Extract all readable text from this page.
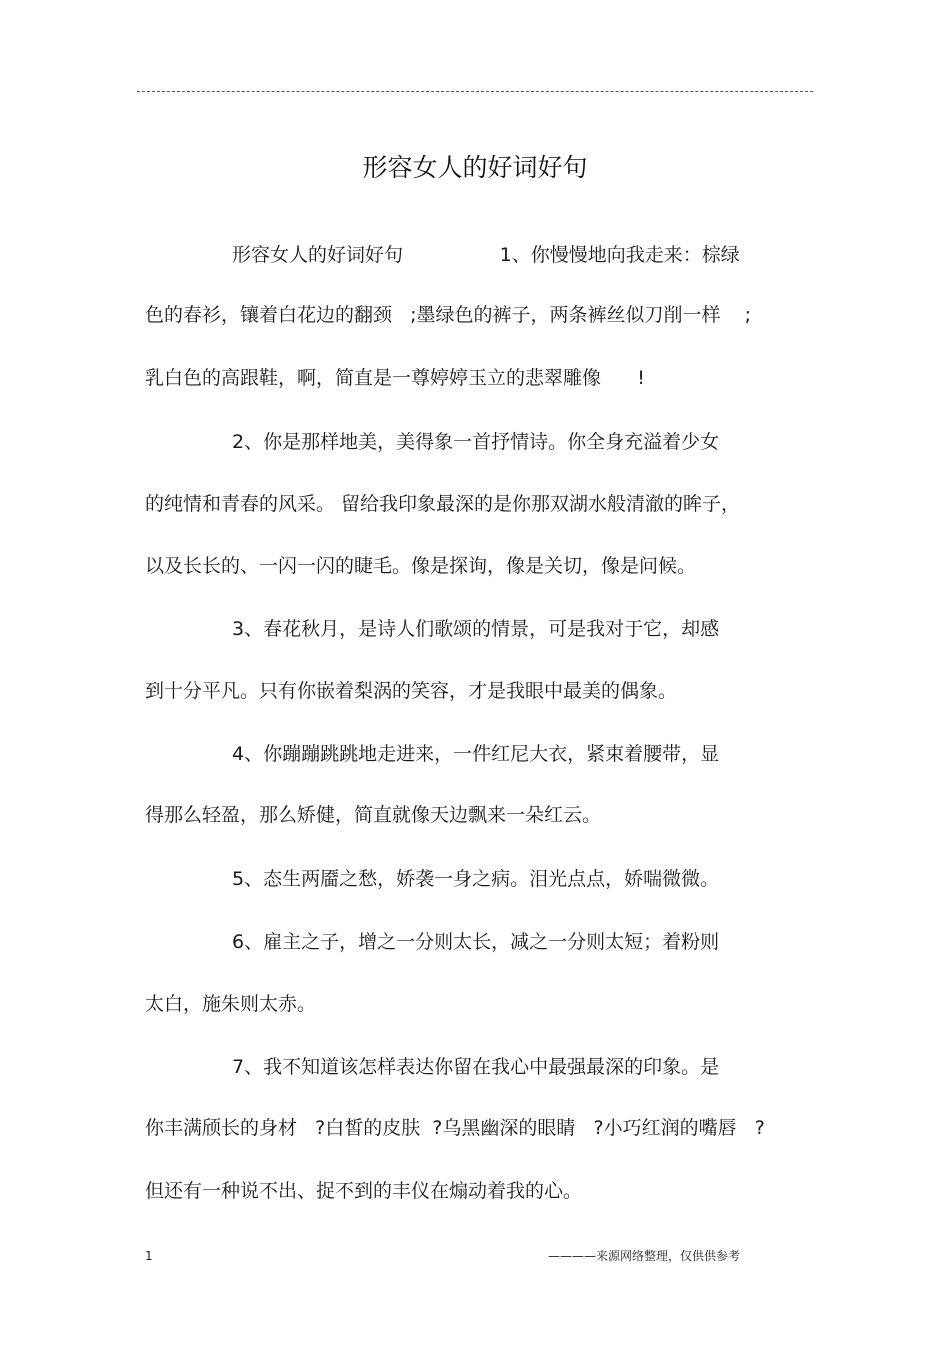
形容女人的好词好句
形容女人的好词好句                1、你慢慢地向我走来：棕绿
色的春衫，镶着白花边的翻颈   ;墨绿色的裤子，两条裤丝似刀削一样    ;
乳白色的高跟鞋，啊，简直是一尊婷婷玉立的悲翠雕像      !
2、你是那样地美，美得象一首抒情诗。你全身充溢着少女
的纯情和青春的风采。 留给我印象最深的是你那双湖水般清澈的眸子，
以及长长的、一闪一闪的睫毛。像是探询，像是关切，像是问候。
3、春花秋月，是诗人们歌颂的情景，可是我对于它，却感
到十分平凡。只有你嵌着梨涡的笑容，才是我眼中最美的偶象。
4、你蹦蹦跳跳地走进来，一件红尼大衣，紧束着腰带，显
得那么轻盈，那么矫健，简直就像天边飘来一朵红云。
5、态生两靥之愁，娇袭一身之病。泪光点点，娇喘微微。
6、雇主之子，增之一分则太长，减之一分则太短；着粉则
太白，施朱则太赤。
7、我不知道该怎样表达你留在我心中最强最深的印象。是
你丰满颀长的身材   ?白皙的皮肤  ?乌黑幽深的眼睛   ?小巧红润的嘴唇   ?
但还有一种说不出、捉不到的丰仪在煽动着我的心。
1	————来源网络整理，仅供供参考
